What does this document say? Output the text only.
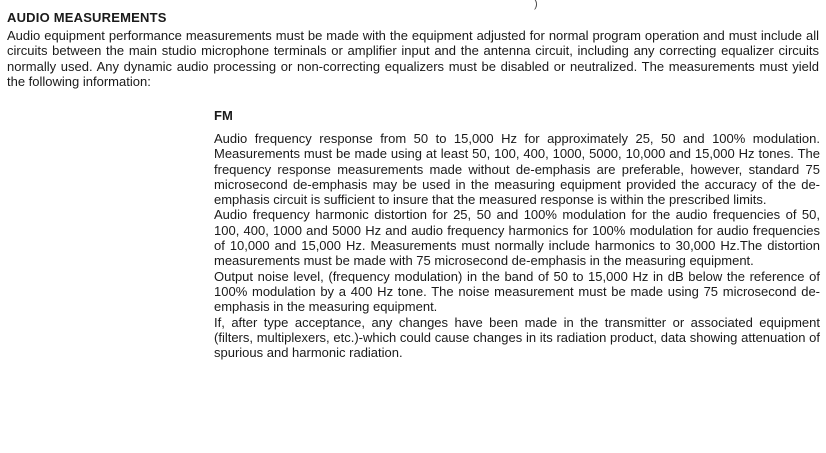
)
AUDIO MEASUREMENTS

Audio equipment performance measurements must be made with the equipment adjusted for normal program operation and must include all circuits between the main studio microphone terminals or amplifier input and the antenna circuit, including any correcting equalizer circuits normally used. Any dynamic audio processing or non-correcting equalizers must be disabled or neutralized. The measurements must yield the following information:

FM

Audio frequency response from 50 to 15,000 Hz for approximately 25, 50 and 100% modulation. Measurements must be made using at least 50, 100, 400, 1000, 5000, 10,000 and 15,000 Hz tones. The frequency response measurements made without de-emphasis are preferable, however, standard 75 microsecond de-emphasis may be used in the measuring equipment provided the accuracy of the de-emphasis circuit is sufficient to insure that the measured response is within the prescribed limits.

Audio frequency harmonic distortion for 25, 50 and 100% modulation for the audio frequencies of 50, 100, 400, 1000 and 5000 Hz and audio frequency harmonics for 100% modulation for audio frequencies of 10,000 and 15,000 Hz. Measurements must normally include harmonics to 30,000 Hz.The distortion measurements must be made with 75 microsecond de-emphasis in the measuring equipment.

Output noise level, (frequency modulation) in the band of 50 to 15,000 Hz in dB below the reference of 100% modulation by a 400 Hz tone. The noise measurement must be made using 75 microsecond de-emphasis in the measuring equipment.

If, after type acceptance, any changes have been made in the transmitter or associated equipment (filters, multiplexers, etc.)-which could cause changes in its radiation product, data showing attenuation of spurious and harmonic radiation.
